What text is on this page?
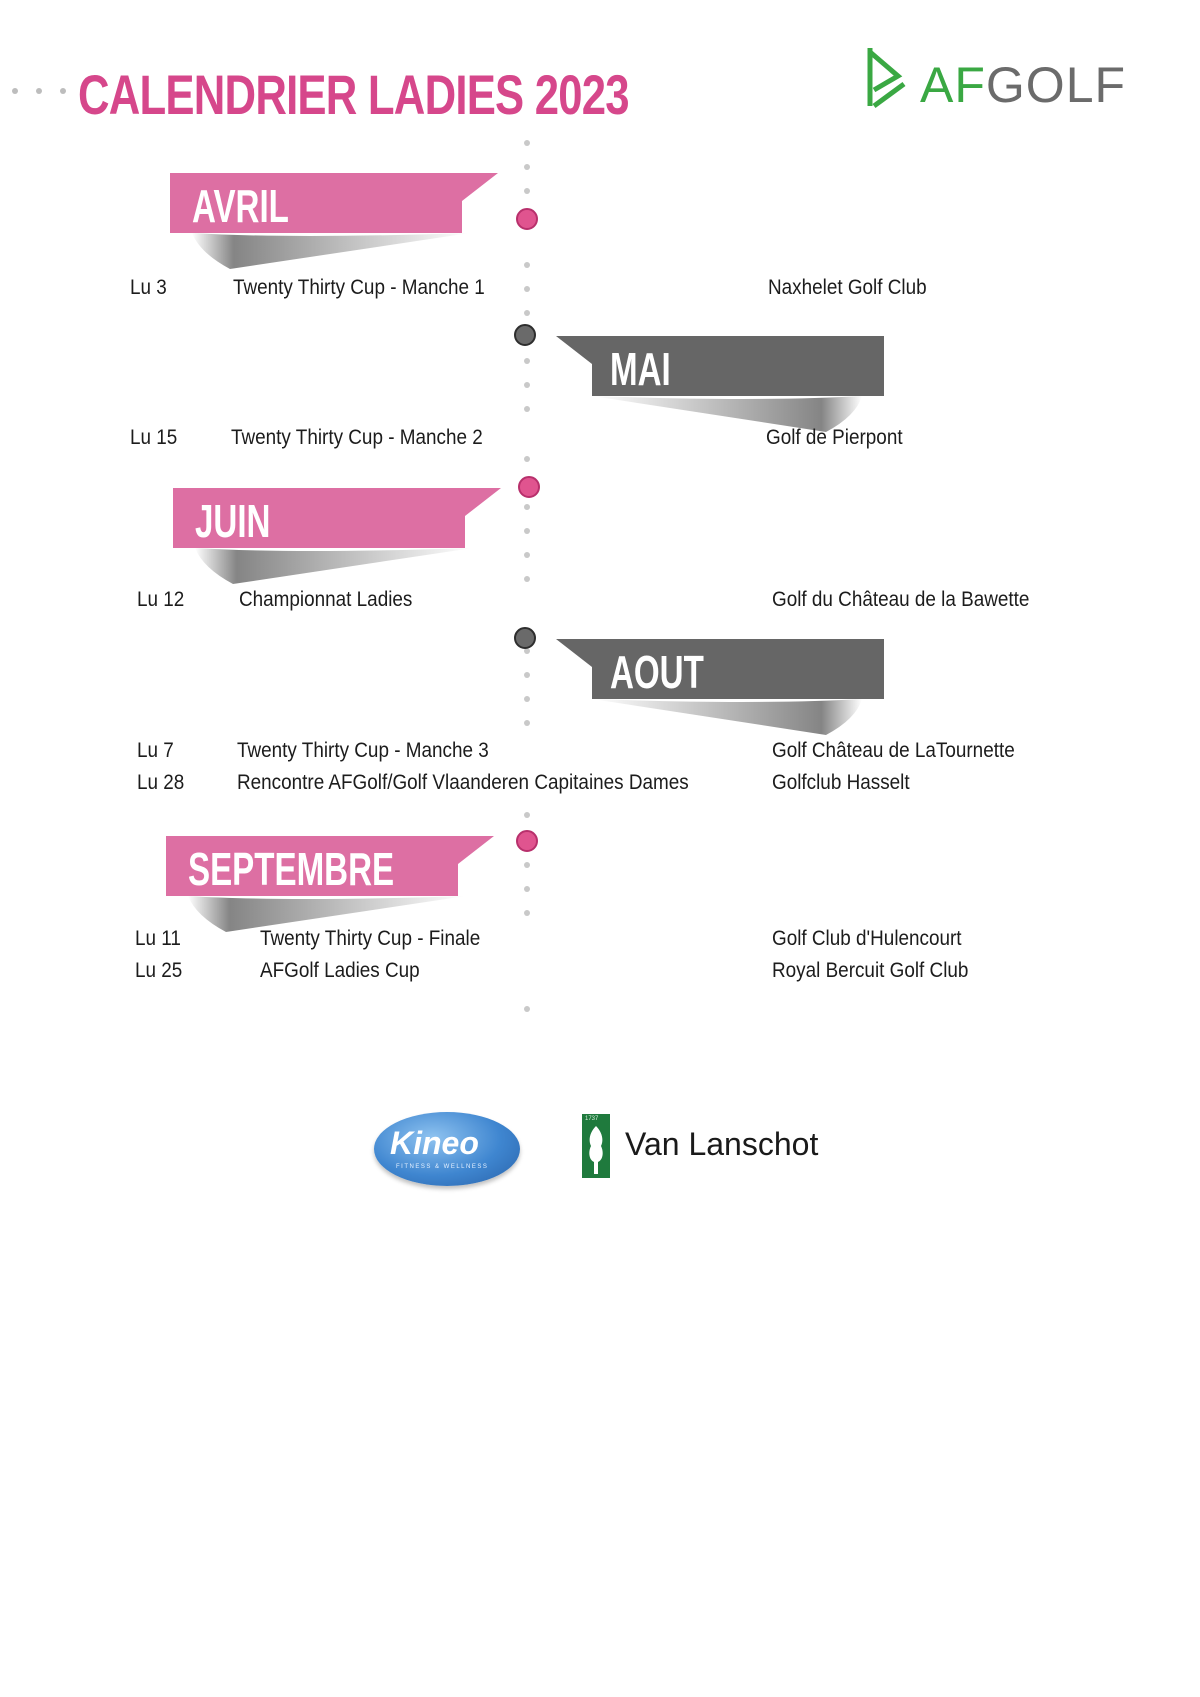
CALENDRIER LADIES 2023	AFGOLF
AVRIL
MAI
JUIN
AOUT
SEPTEMBRE
Lu 3	Twenty Thirty Cup - Manche 1	Naxhelet Golf Club
Lu 15	Twenty Thirty Cup - Manche 2	Golf de Pierpont
Lu 12	Championnat Ladies	Golf du Château de la Bawette
Lu 7	Twenty Thirty Cup - Manche 3	Golf Château de LaTournette
Lu 28	Rencontre AFGolf/Golf Vlaanderen Capitaines Dames	Golfclub Hasselt
Lu 11	Twenty Thirty Cup - Finale	Golf Club d'Hulencourt
Lu 25	AFGolf Ladies Cup	Royal Bercuit Golf Club
Kineo
FITNESS & WELLNESS
1737
Van Lanschot
